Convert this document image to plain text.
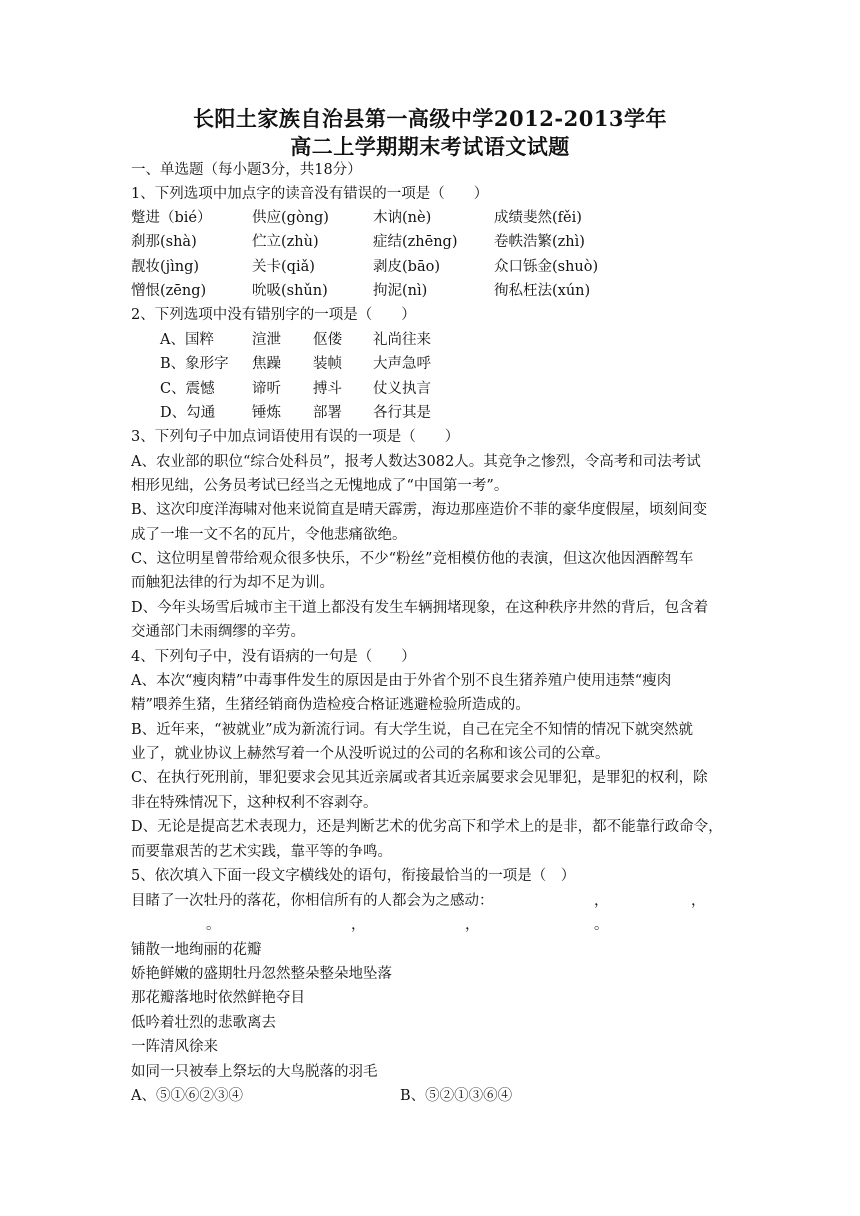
长阳土家族自治县第一高级中学2012-2013学年
高二上学期期末考试语文试题
一、单选题（每小题3分，共18分）
1、下列选项中加点字的读音没有错误的一项是（　　）
蹩进（bié）	供应(gòng)	木讷(nè)	成绩斐然(fěi)
刹那(shà)	伫立(zhù)	症结(zhēng)	卷帙浩繁(zhì)
靓妆(jìng)	关卡(qiǎ)	剥皮(bāo)	众口铄金(shuò)
憎恨(zēng)	吮吸(shǔn)	拘泥(nì)	徇私枉法(xún)
2、下列选项中没有错别字的一项是（　　）
A、国粹	渲泄 伛偻 礼尚往来
B、象形字 焦躁 装帧 大声急呼
C、震憾	谛听 搏斗 仗义执言
D、勾通	锤炼 部署 各行其是
3、下列句子中加点词语使用有误的一项是（　　）
A、农业部的职位“综合处科员”，报考人数达3082人。其竞争之惨烈，令高考和司法考试
相形见绌，公务员考试已经当之无愧地成了“中国第一考”。
B、这次印度洋海啸对他来说简直是晴天霹雳，海边那座造价不菲的豪华度假屋，顷刻间变
成了一堆一文不名的瓦片，令他悲痛欲绝。
C、这位明星曾带给观众很多快乐，不少“粉丝”竞相模仿他的表演，但这次他因酒醉驾车
而触犯法律的行为却不足为训。
D、今年头场雪后城市主干道上都没有发生车辆拥堵现象，在这种秩序井然的背后，包含着
交通部门未雨绸缪的辛劳。
4、下列句子中，没有语病的一句是（　　）
A、本次“瘦肉精”中毒事件发生的原因是由于外省个别不良生猪养殖户使用违禁“瘦肉
精”喂养生猪，生猪经销商伪造检疫合格证逃避检验所造成的。
B、近年来，“被就业”成为新流行词。有大学生说，自己在完全不知情的情况下就突然就
业了，就业协议上赫然写着一个从没听说过的公司的名称和该公司的公章。
C、在执行死刑前，罪犯要求会见其近亲属或者其近亲属要求会见罪犯，是罪犯的权利，除
非在特殊情况下，这种权利不容剥夺。
D、无论是提高艺术表现力，还是判断艺术的优劣高下和学术上的是非，都不能靠行政命令，
而要靠艰苦的艺术实践，靠平等的争鸣。
5、依次填入下面一段文字横线处的语句，衔接最恰当的一项是（　）
目睹了一次牡丹的落花，你相信所有的人都会为之感动：	，	，
。	，	，	。
铺散一地绚丽的花瓣
娇艳鲜嫩的盛期牡丹忽然整朵整朵地坠落
那花瓣落地时依然鲜艳夺目
低吟着壮烈的悲歌离去
一阵清风徐来
如同一只被奉上祭坛的大鸟脱落的羽毛
A、⑤①⑥②③④	B、⑤②①③⑥④
